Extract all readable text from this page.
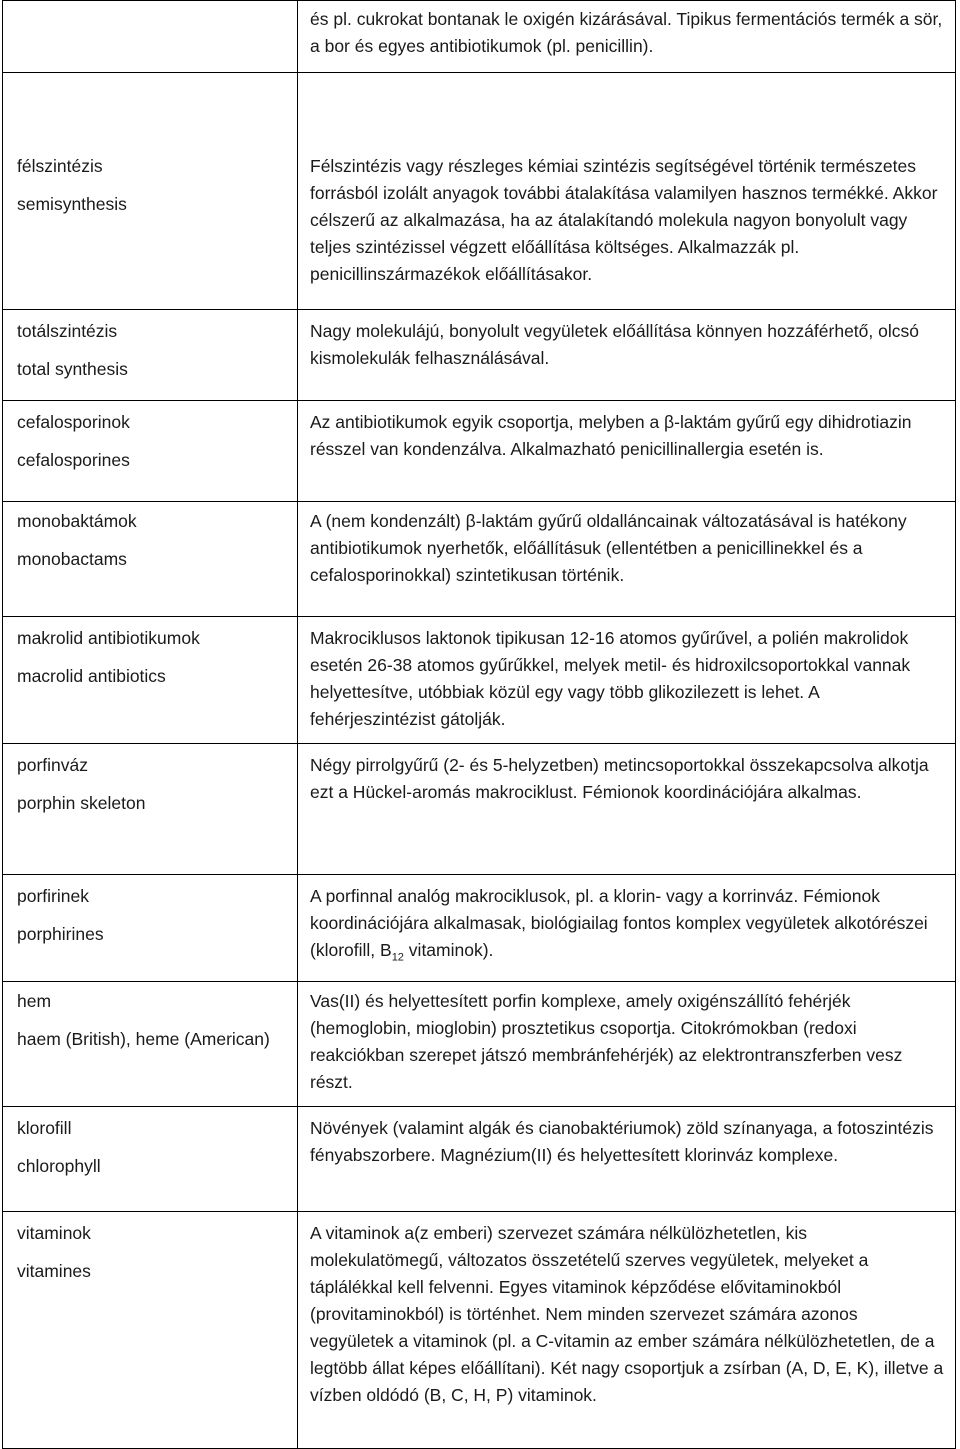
	és pl. cukrokat bontanak le oxigén kizárásával. Tipikus fermentációs termék a sör, a bor és egyes antibiotikumok (pl. penicillin).

félszintézis
semisynthesis	Félszintézis vagy részleges kémiai szintézis segítségével történik természetes forrásból izolált anyagok további átalakítása valamilyen hasznos termékké. Akkor célszerű az alkalmazása, ha az átalakítandó molekula nagyon bonyolult vagy teljes szintézissel végzett előállítása költséges. Alkalmazzák pl. penicillinszármazékok előállításakor.

totálszintézis
total synthesis	Nagy molekulájú, bonyolult vegyületek előállítása könnyen hozzáférhető, olcsó kismolekulák felhasználásával.

cefalosporinok
cefalosporines	Az antibiotikumok egyik csoportja, melyben a β-laktám gyűrű egy dihidrotiazin résszel van kondenzálva. Alkalmazható penicillinallergia esetén is.

monobaktámok
monobactams	A (nem kondenzált) β-laktám gyűrű oldalláncainak változatásával is hatékony antibiotikumok nyerhetők, előállításuk (ellentétben a penicillinekkel és a cefalosporinokkal) szintetikusan történik.

makrolid antibiotikumok
macrolid antibiotics	Makrociklusos laktonok tipikusan 12-16 atomos gyűrűvel, a polién makrolidok esetén 26-38 atomos gyűrűkkel, melyek metil- és hidroxilcsoportokkal vannak helyettesítve, utóbbiak közül egy vagy több glikozilezett is lehet. A fehérjeszintézist gátolják.

porfinváz
porphin skeleton	Négy pirrolgyűrű (2- és 5-helyzetben) metincsoportokkal összekapcsolva alkotja ezt a Hückel-aromás makrociklust. Fémionok koordinációjára alkalmas.

porfirinek
porphirines	A porfinnal analóg makrociklusok, pl. a klorin- vagy a korrinváz. Fémionok koordinációjára alkalmasak, biológiailag fontos komplex vegyületek alkotórészei (klorofill, $B_{12}$ vitaminok).

hem
haem (British), heme (American)	Vas(II) és helyettesített porfin komplexe, amely oxigénszállító fehérjék (hemoglobin, mioglobin) prosztetikus csoportja. Citokrómokban (redoxi reakciókban szerepet játszó membránfehérjék) az elektrontranszferben vesz részt.

klorofill
chlorophyll	Növények (valamint algák és cianobaktériumok) zöld színanyaga, a fotoszintézis fényabszorbere. Magnézium(II) és helyettesített klorinváz komplexe.

vitaminok
vitamines	A vitaminok a(z emberi) szervezet számára nélkülözhetetlen, kis molekulatömegű, változatos összetételű szerves vegyületek, melyeket a táplálékkal kell felvenni. Egyes vitaminok képződése elővitaminokból (provitaminokból) is történhet. Nem minden szervezet számára azonos vegyületek a vitaminok (pl. a C-vitamin az ember számára nélkülözhetetlen, de a legtöbb állat képes előállítani). Két nagy csoportjuk a zsírban (A, D, E, K), illetve a vízben oldódó (B, C, H, P) vitaminok.
